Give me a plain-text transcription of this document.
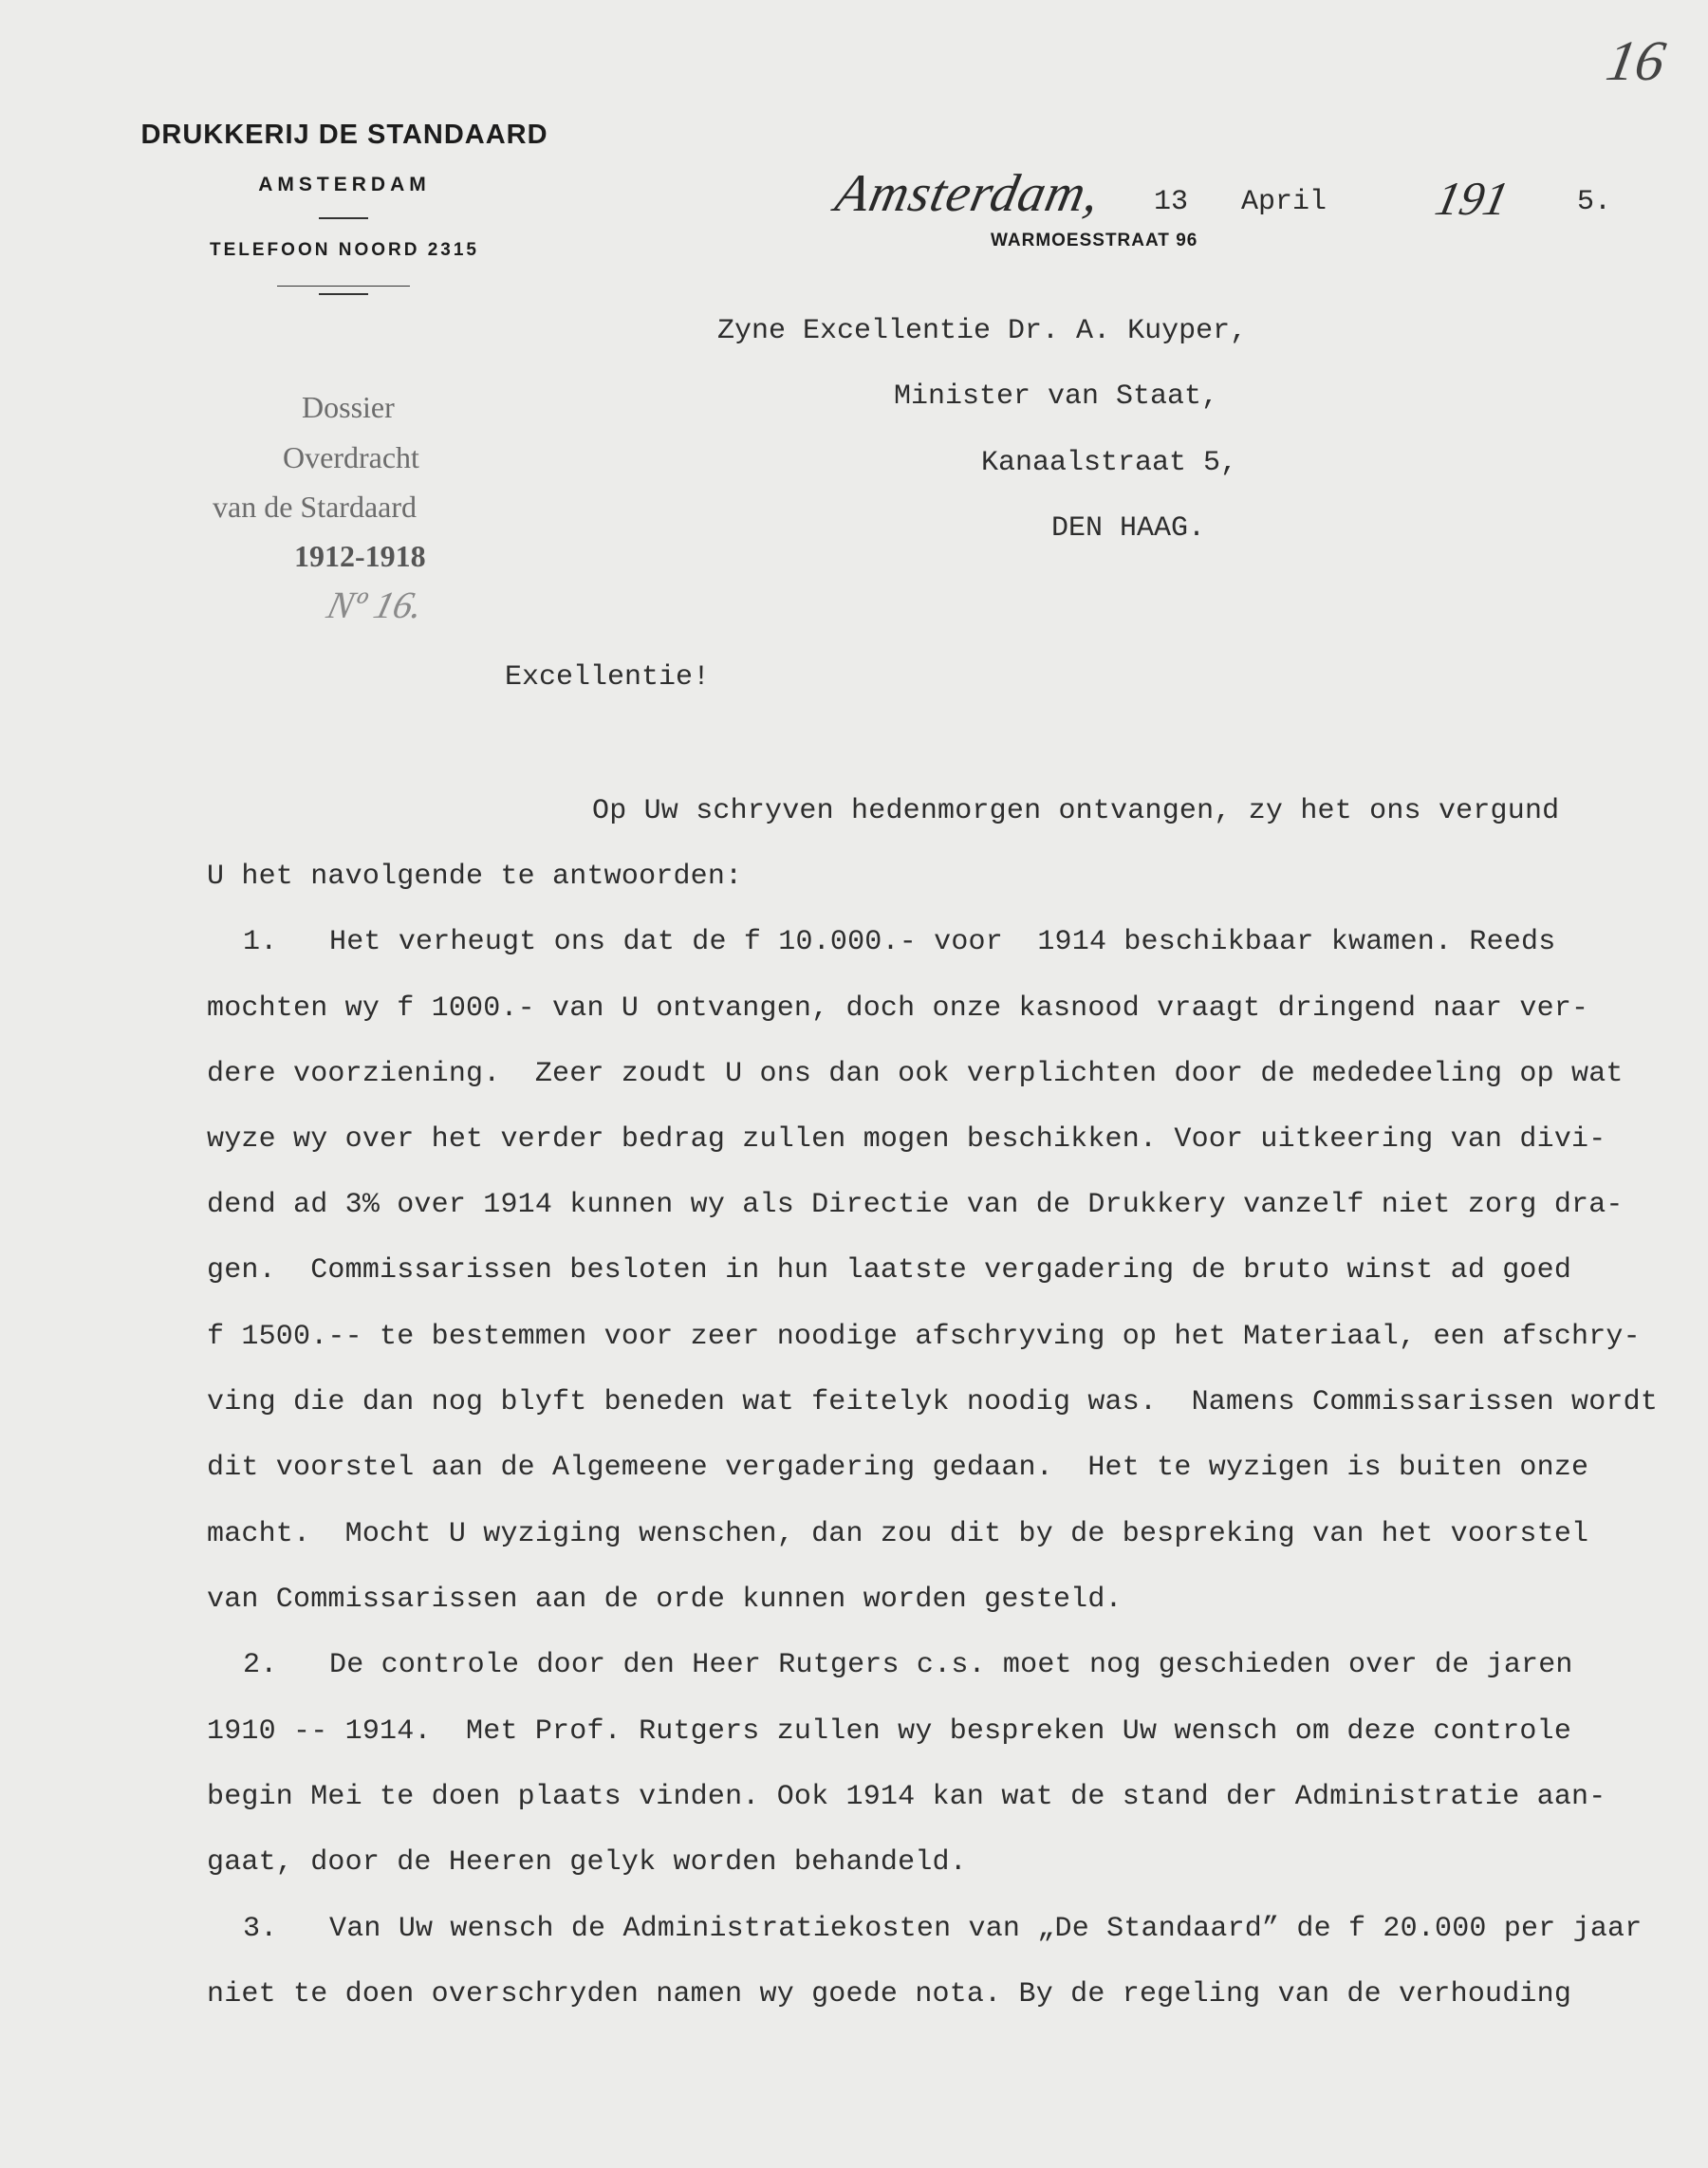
DRUKKERIJ DE STANDAARD
AMSTERDAM
TELEFOON NOORD 2315
16
Amsterdam, 13 April 191 5.
WARMOESSTRAAT 96
Zyne Excellentie Dr. A. Kuyper,
Minister van Staat,
Kanaalstraat 5,
DEN HAAG.
Dossier
Overdracht
van de Stardaard
1912-1918
Nº 16.
Excellentie!
Op Uw schryven hedenmorgen ontvangen, zy het ons vergund
U het navolgende te antwoorden:
1.   Het verheugt ons dat de f 10.000.- voor  1914 beschikbaar kwamen. Reeds
mochten wy f 1000.- van U ontvangen, doch onze kasnood vraagt dringend naar ver-
dere voorziening.  Zeer zoudt U ons dan ook verplichten door de mededeeling op wat
wyze wy over het verder bedrag zullen mogen beschikken. Voor uitkeering van divi-
dend ad 3% over 1914 kunnen wy als Directie van de Drukkery vanzelf niet zorg dra-
gen.  Commissarissen besloten in hun laatste vergadering de bruto winst ad goed
f 1500.-- te bestemmen voor zeer noodige afschryving op het Materiaal, een afschry-
ving die dan nog blyft beneden wat feitelyk noodig was.  Namens Commissarissen wordt
dit voorstel aan de Algemeene vergadering gedaan.  Het te wyzigen is buiten onze
macht.  Mocht U wyziging wenschen, dan zou dit by de bespreking van het voorstel
van Commissarissen aan de orde kunnen worden gesteld.
2.   De controle door den Heer Rutgers c.s. moet nog geschieden over de jaren
1910 -- 1914.  Met Prof. Rutgers zullen wy bespreken Uw wensch om deze controle
begin Mei te doen plaats vinden. Ook 1914 kan wat de stand der Administratie aan-
gaat, door de Heeren gelyk worden behandeld.
3.   Van Uw wensch de Administratiekosten van „De Standaard” de f 20.000 per jaar
niet te doen overschryden namen wy goede nota. By de regeling van de verhouding
